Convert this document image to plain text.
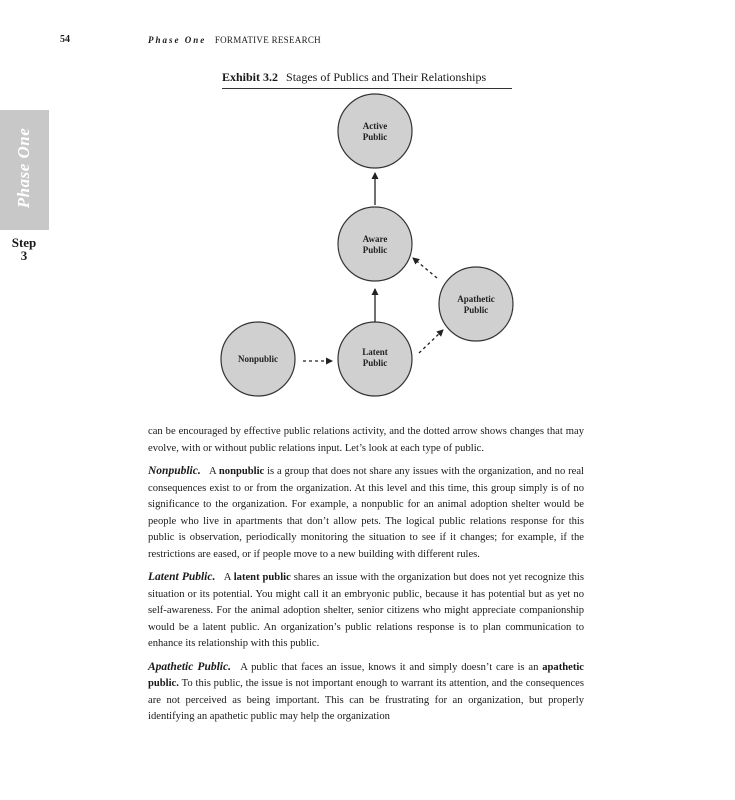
54	Phase One FORMATIVE RESEARCH
Phase One
Step
3
Exhibit 3.2 Stages of Publics and Their Relationships
Active
Public
Aware
Public
Apathetic
Public
Nonpublic
Latent
Public

can be encouraged by effective public relations activity, and the dotted arrow shows changes that may evolve, with or without public relations input. Let’s look at each type of public.

Nonpublic. A nonpublic is a group that does not share any issues with the organization, and no real consequences exist to or from the organization. At this level and this time, this group simply is of no significance to the organization. For example, a nonpublic for an animal adoption shelter would be people who live in apartments that don’t allow pets. The logical public relations response for this public is observation, periodically monitoring the situation to see if it changes; for example, if the restrictions are eased, or if people move to a new building with different rules.

Latent Public. A latent public shares an issue with the organization but does not yet recognize this situation or its potential. You might call it an embryonic public, because it has potential but as yet no self-awareness. For the animal adoption shelter, senior citizens who might appreciate companionship would be a latent public. An organization’s public relations response is to plan communication to enhance its relationship with this public.

Apathetic Public. A public that faces an issue, knows it and simply doesn’t care is an apathetic public. To this public, the issue is not important enough to warrant its attention, and the consequences are not perceived as being important. This can be frustrating for an organization, but properly identifying an apathetic public may help the organization
